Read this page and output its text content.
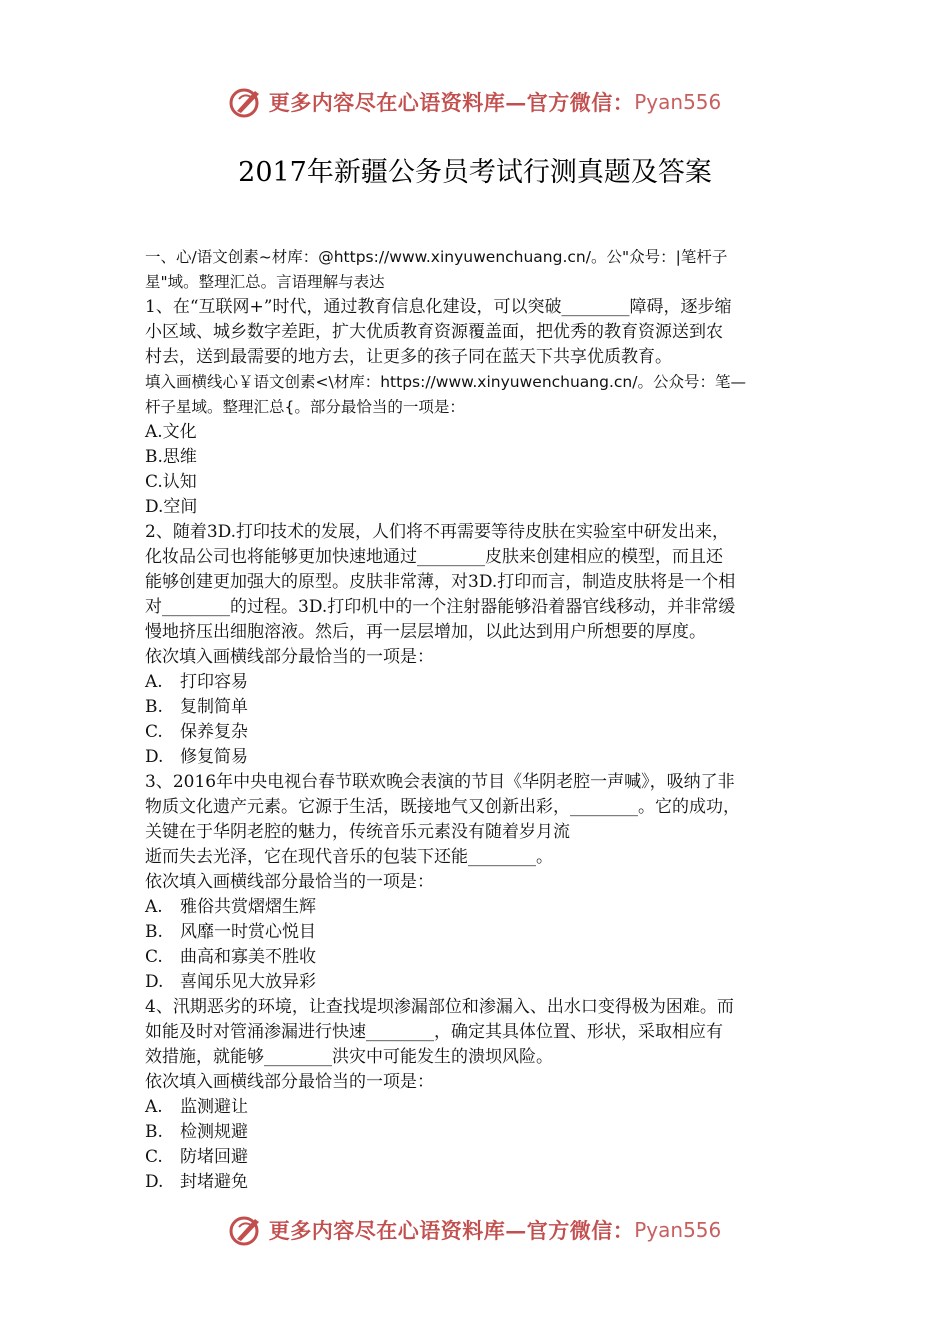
更多内容尽在心语资料库—官方微信： Pyan556
2017年新疆公务员考试行测真题及答案
一、心/语文创素~材库：@https://www.xinyuwenchuang.cn/。公"众号：|笔杆子
星"域。整理汇总。言语理解与表达
1、在“互联网+”时代，通过教育信息化建设，可以突破________障碍，逐步缩
小区域、城乡数字差距，扩大优质教育资源覆盖面，把优秀的教育资源送到农
村去，送到最需要的地方去，让更多的孩子同在蓝天下共享优质教育。
填入画横线心￥语文创素<\材库：https://www.xinyuwenchuang.cn/。公众号：笔—
杆子星域。整理汇总{。部分最恰当的一项是：
A.文化
B.思维
C.认知
D.空间
2、随着3D.打印技术的发展，人们将不再需要等待皮肤在实验室中研发出来，
化妆品公司也将能够更加快速地通过________皮肤来创建相应的模型，而且还
能够创建更加强大的原型。皮肤非常薄，对3D.打印而言，制造皮肤将是一个相
对________的过程。3D.打印机中的一个注射器能够沿着器官线移动，并非常缓
慢地挤压出细胞溶液。然后，再一层层增加，以此达到用户所想要的厚度。
依次填入画横线部分最恰当的一项是：
A. 打印容易
B. 复制简单
C. 保养复杂
D. 修复简易
3、2016年中央电视台春节联欢晚会表演的节目《华阴老腔一声喊》，吸纳了非
物质文化遗产元素。它源于生活，既接地气又创新出彩，________。它的成功，
关键在于华阴老腔的魅力，传统音乐元素没有随着岁月流
逝而失去光泽，它在现代音乐的包装下还能________。
依次填入画横线部分最恰当的一项是：
A. 雅俗共赏熠熠生辉
B. 风靡一时赏心悦目
C. 曲高和寡美不胜收
D. 喜闻乐见大放异彩
4、汛期恶劣的环境，让查找堤坝渗漏部位和渗漏入、出水口变得极为困难。而
如能及时对管涌渗漏进行快速________，确定其具体位置、形状，采取相应有
效措施，就能够________洪灾中可能发生的溃坝风险。
依次填入画横线部分最恰当的一项是：
A. 监测避让
B. 检测规避
C. 防堵回避
D. 封堵避免
更多内容尽在心语资料库—官方微信： Pyan556
